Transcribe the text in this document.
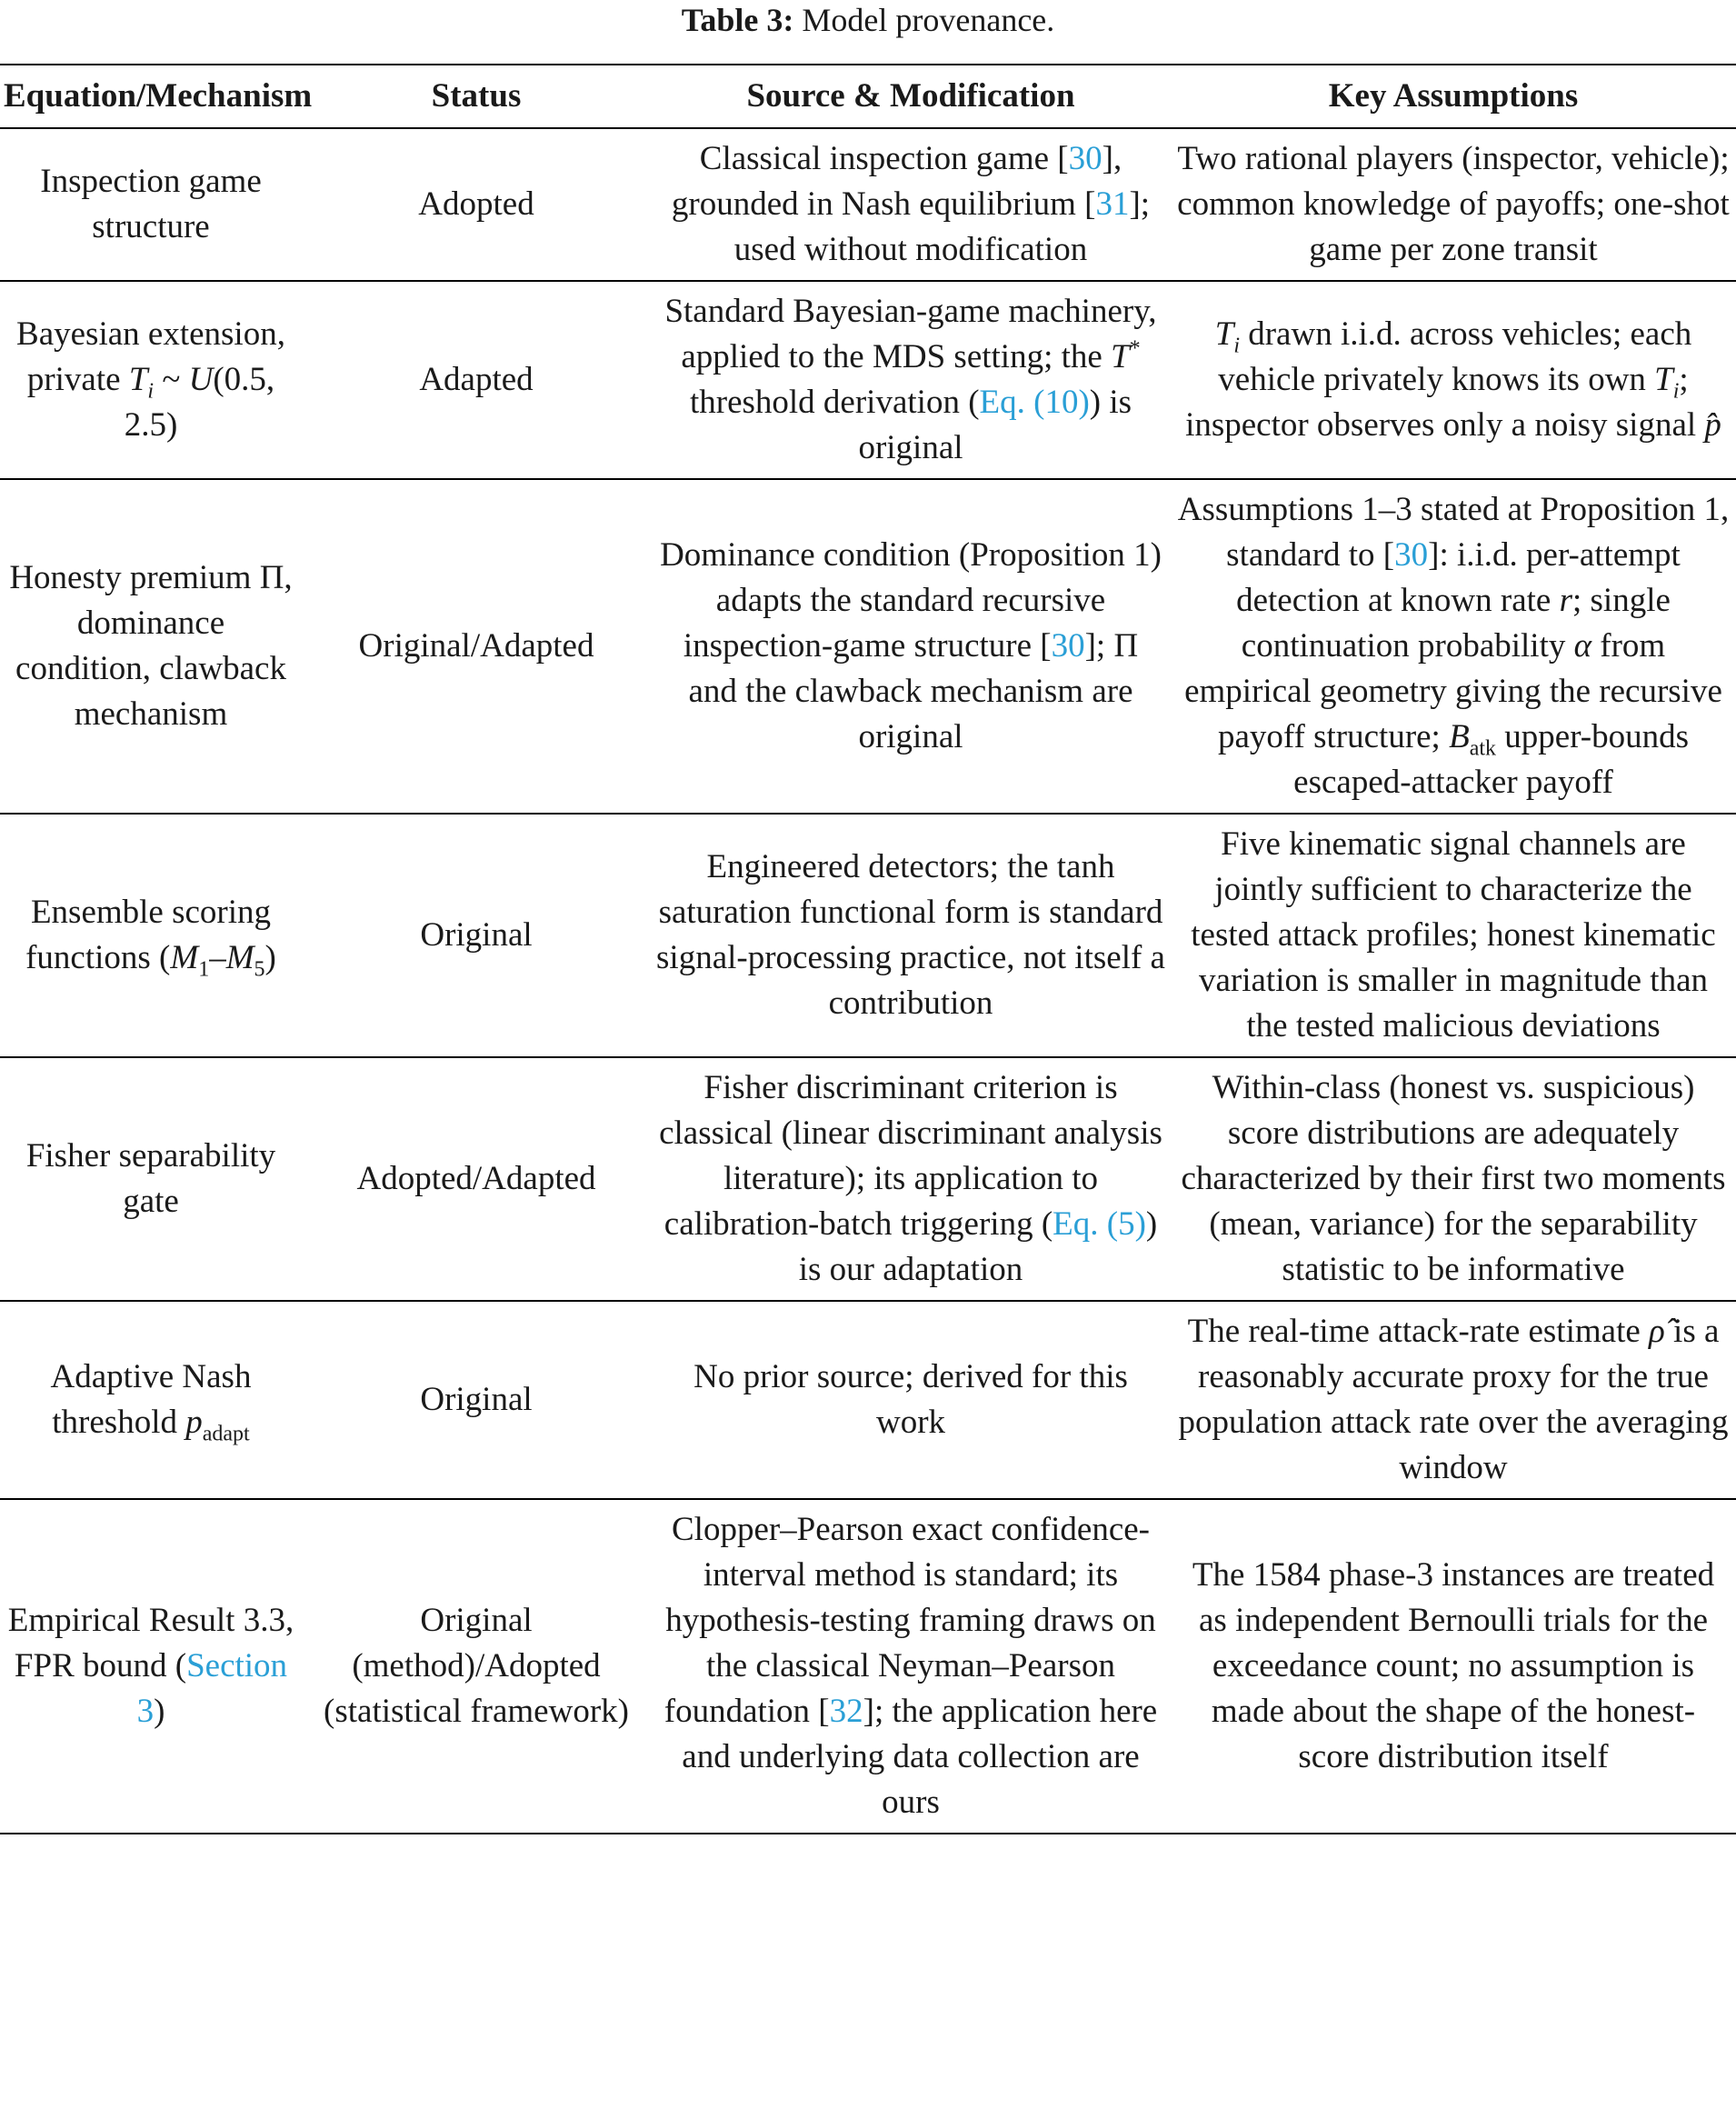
Table 3: Model provenance.
Equation/Mechanism	Status	Source & Modification	Key Assumptions
Inspection game structure	Adopted	Classical inspection game [30], grounded in Nash equilibrium [31]; used without modification	Two rational players (inspector, vehicle); common knowledge of payoffs; one-shot game per zone transit
Bayesian extension, private $T_i$ ~ U(0.5, 2.5)	Adapted	Standard Bayesian-game machinery, applied to the MDS setting; the T* threshold derivation (Eq. (10)) is original	$T_i$ drawn i.i.d. across vehicles; each vehicle privately knows its own $T_i$; inspector observes only a noisy signal p̂
Honesty premium Π, dominance condition, clawback mechanism	Original/Adapted	Dominance condition (Proposition 1) adapts the standard recursive inspection-game structure [30]; Π and the clawback mechanism are original	Assumptions 1–3 stated at Proposition 1, standard to [30]: i.i.d. per-attempt detection at known rate r; single continuation probability α from empirical geometry giving the recursive payoff structure; $B_{atk}$ upper-bounds escaped-attacker payoff
Ensemble scoring functions $(M_1-M_5)$	Original	Engineered detectors; the tanh saturation functional form is standard signal-processing practice, not itself a contribution	Five kinematic signal channels are jointly sufficient to characterize the tested attack profiles; honest kinematic variation is smaller in magnitude than the tested malicious deviations
Fisher separability gate	Adopted/Adapted	Fisher discriminant criterion is classical (linear discriminant analysis literature); its application to calibration-batch triggering (Eq. (5)) is our adaptation	Within-class (honest vs. suspicious) score distributions are adequately characterized by their first two moments (mean, variance) for the separability statistic to be informative
Adaptive Nash threshold $p_{adapt}$	Original	No prior source; derived for this work	The real-time attack-rate estimate ρ̂ is a reasonably accurate proxy for the true population attack rate over the averaging window
Empirical Result 3.3, FPR bound (Section 3)	Original (method)/Adopted (statistical framework)	Clopper–Pearson exact confidence-interval method is standard; its hypothesis-testing framing draws on the classical Neyman–Pearson foundation [32]; the application here and underlying data collection are ours	The 1584 phase-3 instances are treated as independent Bernoulli trials for the exceedance count; no assumption is made about the shape of the honest-score distribution itself
